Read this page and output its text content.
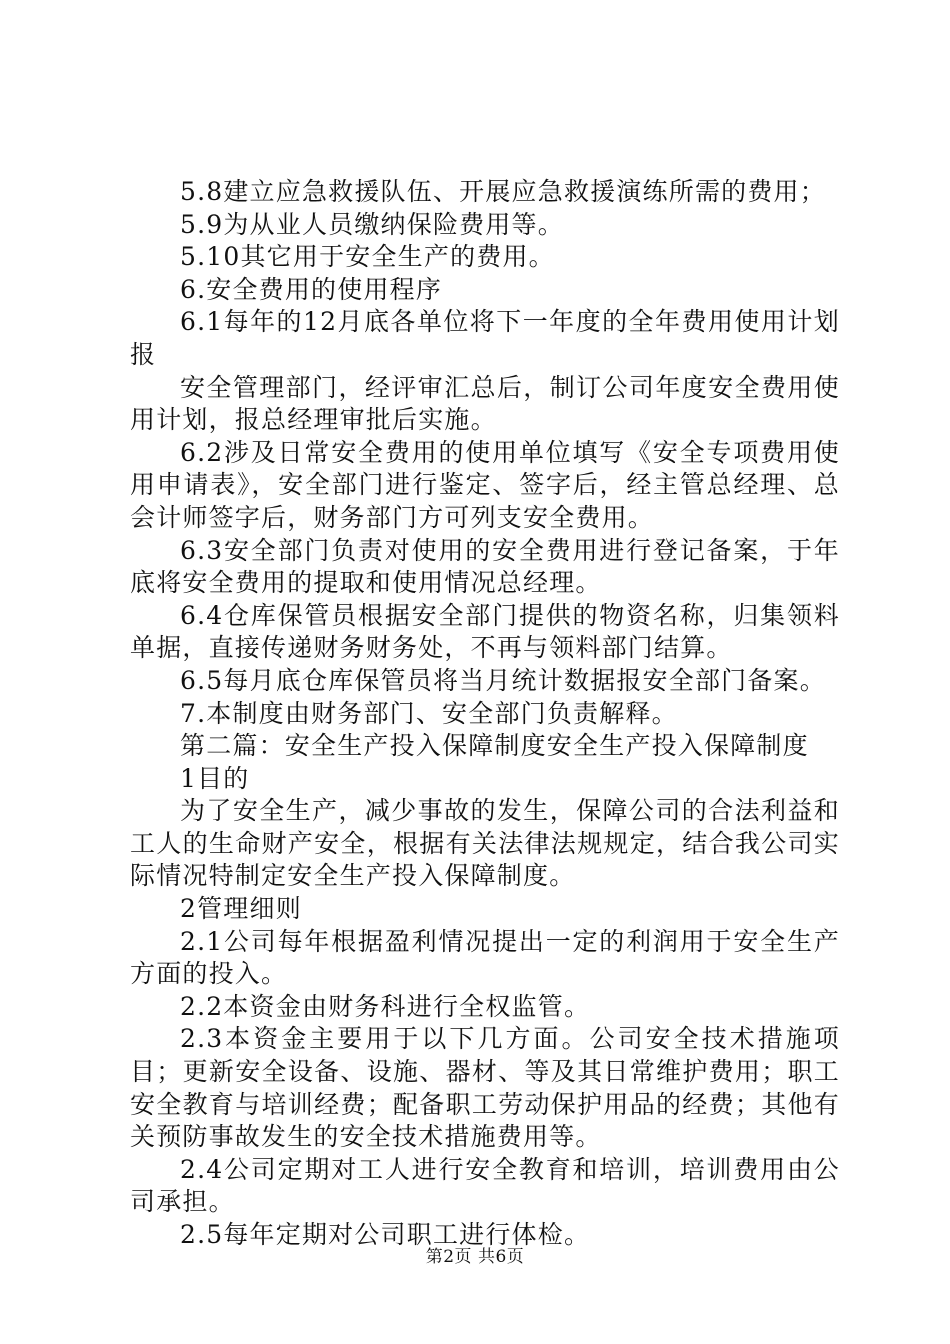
5.8建立应急救援队伍、开展应急救援演练所需的费用；

5.9为从业人员缴纳保险费用等。

5.10其它用于安全生产的费用。

6.安全费用的使用程序

6.1每年的12月底各单位将下一年度的全年费用使用计划报

安全管理部门，经评审汇总后，制订公司年度安全费用使用计划，报总经理审批后实施。

6.2涉及日常安全费用的使用单位填写《安全专项费用使用申请表》，安全部门进行鉴定、签字后，经主管总经理、总会计师签字后，财务部门方可列支安全费用。

6.3安全部门负责对使用的安全费用进行登记备案，于年底将安全费用的提取和使用情况总经理。

6.4仓库保管员根据安全部门提供的物资名称，归集领料单据，直接传递财务财务处，不再与领料部门结算。

6.5每月底仓库保管员将当月统计数据报安全部门备案。

7.本制度由财务部门、安全部门负责解释。

第二篇：安全生产投入保障制度安全生产投入保障制度

1目的

为了安全生产，减少事故的发生，保障公司的合法利益和工人的生命财产安全，根据有关法律法规规定，结合我公司实际情况特制定安全生产投入保障制度。

2管理细则

2.1公司每年根据盈利情况提出一定的利润用于安全生产方面的投入。

2.2本资金由财务科进行全权监管。

2.3本资金主要用于以下几方面。公司安全技术措施项目；更新安全设备、设施、器材、等及其日常维护费用；职工安全教育与培训经费；配备职工劳动保护用品的经费；其他有关预防事故发生的安全技术措施费用等。

2.4公司定期对工人进行安全教育和培训，培训费用由公司承担。

2.5每年定期对公司职工进行体检。

第2页 共6页
